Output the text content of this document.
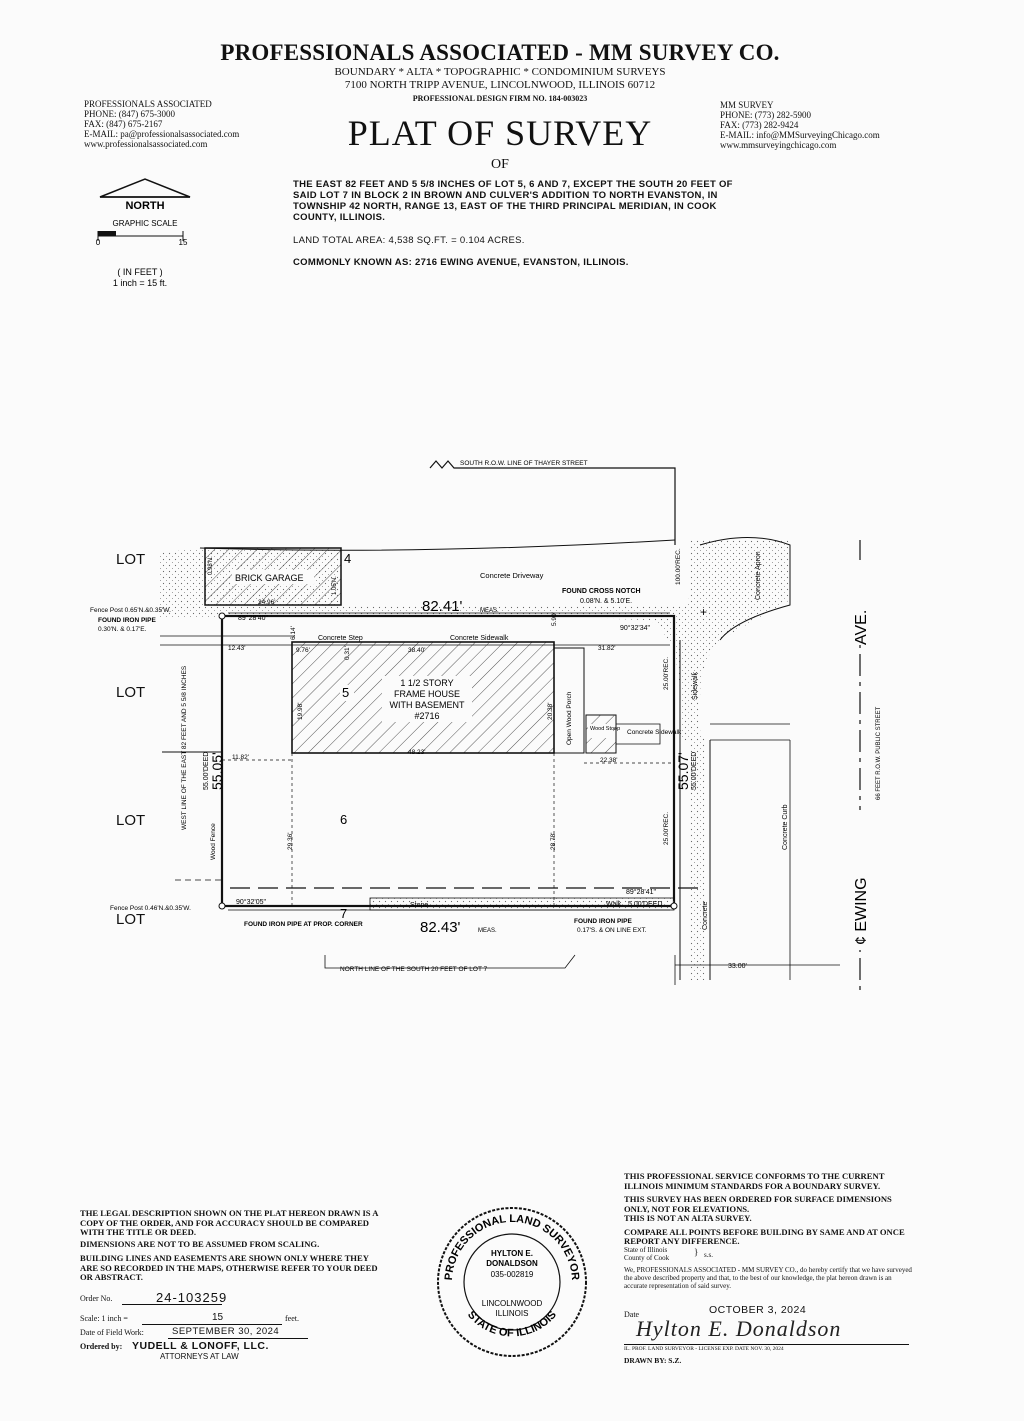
PROFESSIONALS ASSOCIATED - MM SURVEY CO.
BOUNDARY * ALTA * TOPOGRAPHIC * CONDOMINIUM SURVEYS
7100 NORTH TRIPP AVENUE, LINCOLNWOOD, ILLINOIS 60712
PROFESSIONAL DESIGN FIRM NO. 184-003023
PLAT OF SURVEY
OF
PROFESSIONALS ASSOCIATED
PHONE: (847) 675-3000
FAX: (847) 675-2167
E-MAIL: pa@professionalsassociated.com
www.professionalsassociated.com
MM SURVEY
PHONE: (773) 282-5900
FAX: (773) 282-9424
E-MAIL: info@MMSurveyingChicago.com
www.mmsurveyingchicago.com
NORTH
GRAPHIC SCALE
0	15
( IN FEET )
1 inch = 15 ft.
THE EAST 82 FEET AND 5 5/8 INCHES OF LOT 5, 6 AND 7, EXCEPT THE SOUTH 20 FEET OF SAID LOT 7 IN BLOCK 2 IN BROWN AND CULVER'S ADDITION TO NORTH EVANSTON, IN TOWNSHIP 42 NORTH, RANGE 13, EAST OF THE THIRD PRINCIPAL MERIDIAN, IN COOK COUNTY, ILLINOIS.
LAND TOTAL AREA: 4,538 SQ.FT. = 0.104 ACRES.
COMMONLY KNOWN AS: 2716 EWING AVENUE, EVANSTON, ILLINOIS.
SOUTH R.O.W. LINE OF THAYER STREET
BRICK GARAGE
4
1 1/2 STORY
FRAME HOUSE
WITH BASEMENT
#2716
5	Open Wood Porch	Wood Stoop Concrete Sidewalk
Concrete Step	Concrete Sidewalk
Sidewalk
Concrete Curb
Concrete
Concrete Apron
Concrete Driveway
33.00'
AVE.
¢ EWING
66 FEET R.O.W. PUBLIC STREET
Stone	Walk 5.00'DEED
NORTH LINE OF THE SOUTH 20 FEET OF LOT 7
82.41'	MEAS.
82.43'	MEAS.
55.05'
55.00'DEED	55.07' 55.00'DEED
WEST LINE OF THE EAST 82 FEET AND 5 5/8 INCHES
Wood Fence
100.00'REC.
25.00'REC.
25.00'REC.
89°28'40"
90°32'34"
90°32'05"
89°28'41"
12.43'	9.76'	38.40'	31.82'
5.90'
6.14'
0.31'
19.98'	20.38'
11.82'
48.23'
22.38'
29.36'	28.78'
24.96'
0.98'N.
1.05'N.
6
7
FOUND CROSS NOTCH
0.08'N. & 5.10'E.
Fence Post 0.65'N.&0.35'W.
FOUND IRON PIPE
0.30'N. & 0.17'E.
Fence Post 0.46'N.&0.35'W.
FOUND IRON PIPE AT PROP. CORNER	FOUND IRON PIPE
0.17'S. & ON LINE EXT.
+
LOT
LOT
LOT
LOT
THE LEGAL DESCRIPTION SHOWN ON THE PLAT HEREON DRAWN IS A COPY OF THE ORDER, AND FOR ACCURACY SHOULD BE COMPARED WITH THE TITLE OR DEED.
DIMENSIONS ARE NOT TO BE ASSUMED FROM SCALING.
BUILDING LINES AND EASEMENTS ARE SHOWN ONLY WHERE THEY ARE SO RECORDED IN THE MAPS, OTHERWISE REFER TO YOUR DEED OR ABSTRACT.
Order No.	24-103259
Scale: 1 inch =	15	feet.
Date of Field Work:	SEPTEMBER 30, 2024
Ordered by: YUDELL & LONOFF, LLC.
ATTORNEYS AT LAW
PROFESSIONAL LAND SURVEYOR
STATE OF ILLINOIS
HYLTON E.
DONALDSON
035-002819
LINCOLNWOOD
ILLINOIS
THIS PROFESSIONAL SERVICE CONFORMS TO THE CURRENT ILLINOIS MINIMUM STANDARDS FOR A BOUNDARY SURVEY.
THIS SURVEY HAS BEEN ORDERED FOR SURFACE DIMENSIONS ONLY, NOT FOR ELEVATIONS.
THIS IS NOT AN ALTA SURVEY.
COMPARE ALL POINTS BEFORE BUILDING BY SAME AND AT ONCE REPORT ANY DIFFERENCE.
State of Illinois
County of Cook
} s.s.
We, PROFESSIONALS ASSOCIATED - MM SURVEY CO., do hereby certify that we have surveyed the above described property and that, to the best of our knowledge, the plat hereon drawn is an accurate representation of said survey.
Date	OCTOBER 3, 2024
Hylton E. Donaldson
IL. PROF. LAND SURVEYOR - LICENSE EXP. DATE NOV. 30, 2024
DRAWN BY: S.Z.
